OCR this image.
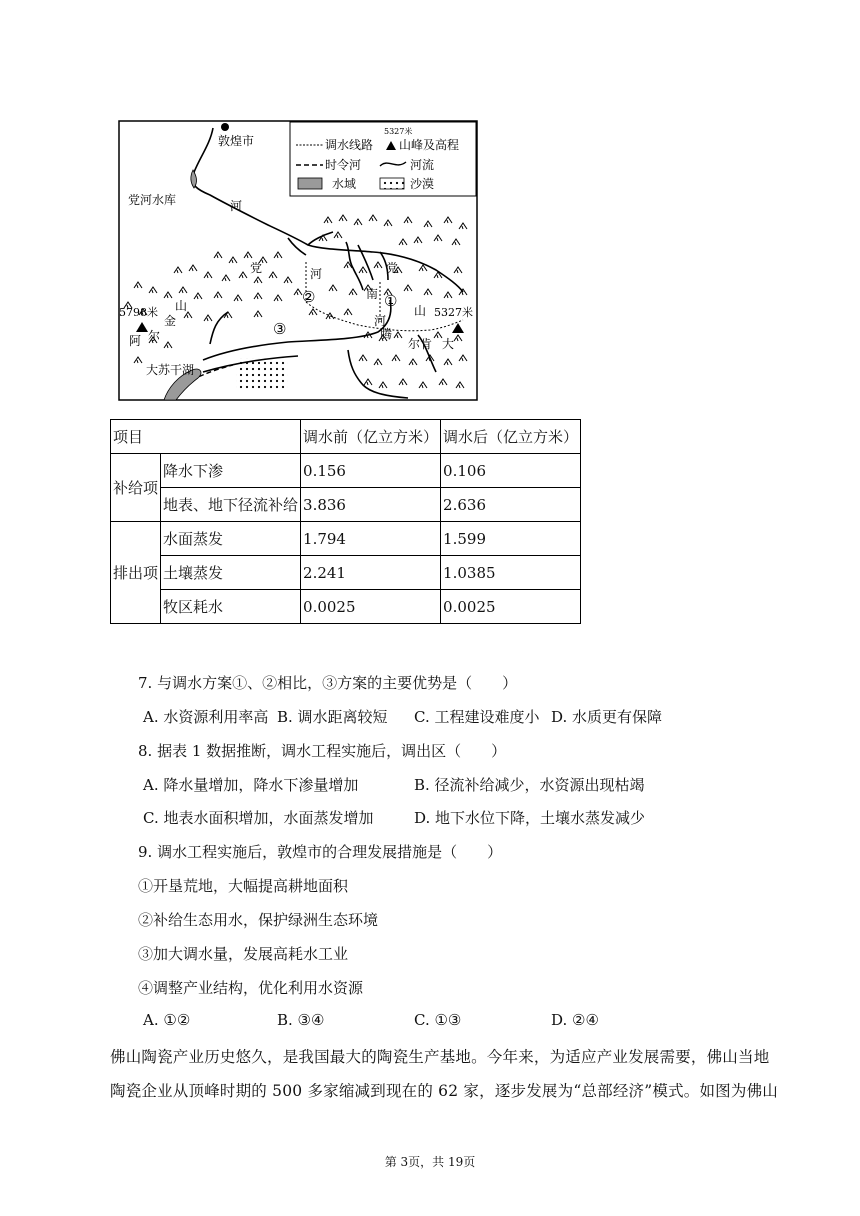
调水线路
5327米
山峰及高程
时令河	河流
水域	沙漠
敦煌市
党河水库	河
党	河	党
南
河
山
腾
尔 肯 大
5798米	5327米
山
金
阿 尔
大苏干湖
①
②
③
项目		调水前（亿立方米）	调水后（亿立方米）
补给项	降水下渗	0.156	0.106
	地表、地下径流补给	3.836	2.636
排出项	水面蒸发	1.794	1.599
	土壤蒸发	2.241	1.0385
	牧区耗水	0.0025	0.0025
7. 与调水方案①、②相比，③方案的主要优势是（　　）
A. 水资源利用率高 B. 调水距离较短 C. 工程建设难度小 D. 水质更有保障
8. 据表 1 数据推断，调水工程实施后，调出区（　　）
A. 降水量增加，降水下渗量增加	B. 径流补给减少，水资源出现枯竭
C. 地表水面积增加，水面蒸发增加	D. 地下水位下降，土壤水蒸发减少
9. 调水工程实施后，敦煌市的合理发展措施是（　　）
①开垦荒地，大幅提高耕地面积
②补给生态用水，保护绿洲生态环境
③加大调水量，发展高耗水工业
④调整产业结构，优化利用水资源
A. ①②	B. ③④	C. ①③	D. ②④
佛山陶瓷产业历史悠久，是我国最大的陶瓷生产基地。今年来，为适应产业发展需要，佛山当地
陶瓷企业从顶峰时期的 500 多家缩减到现在的 62 家，逐步发展为“总部经济”模式。如图为佛山
第 3页，共 19页
